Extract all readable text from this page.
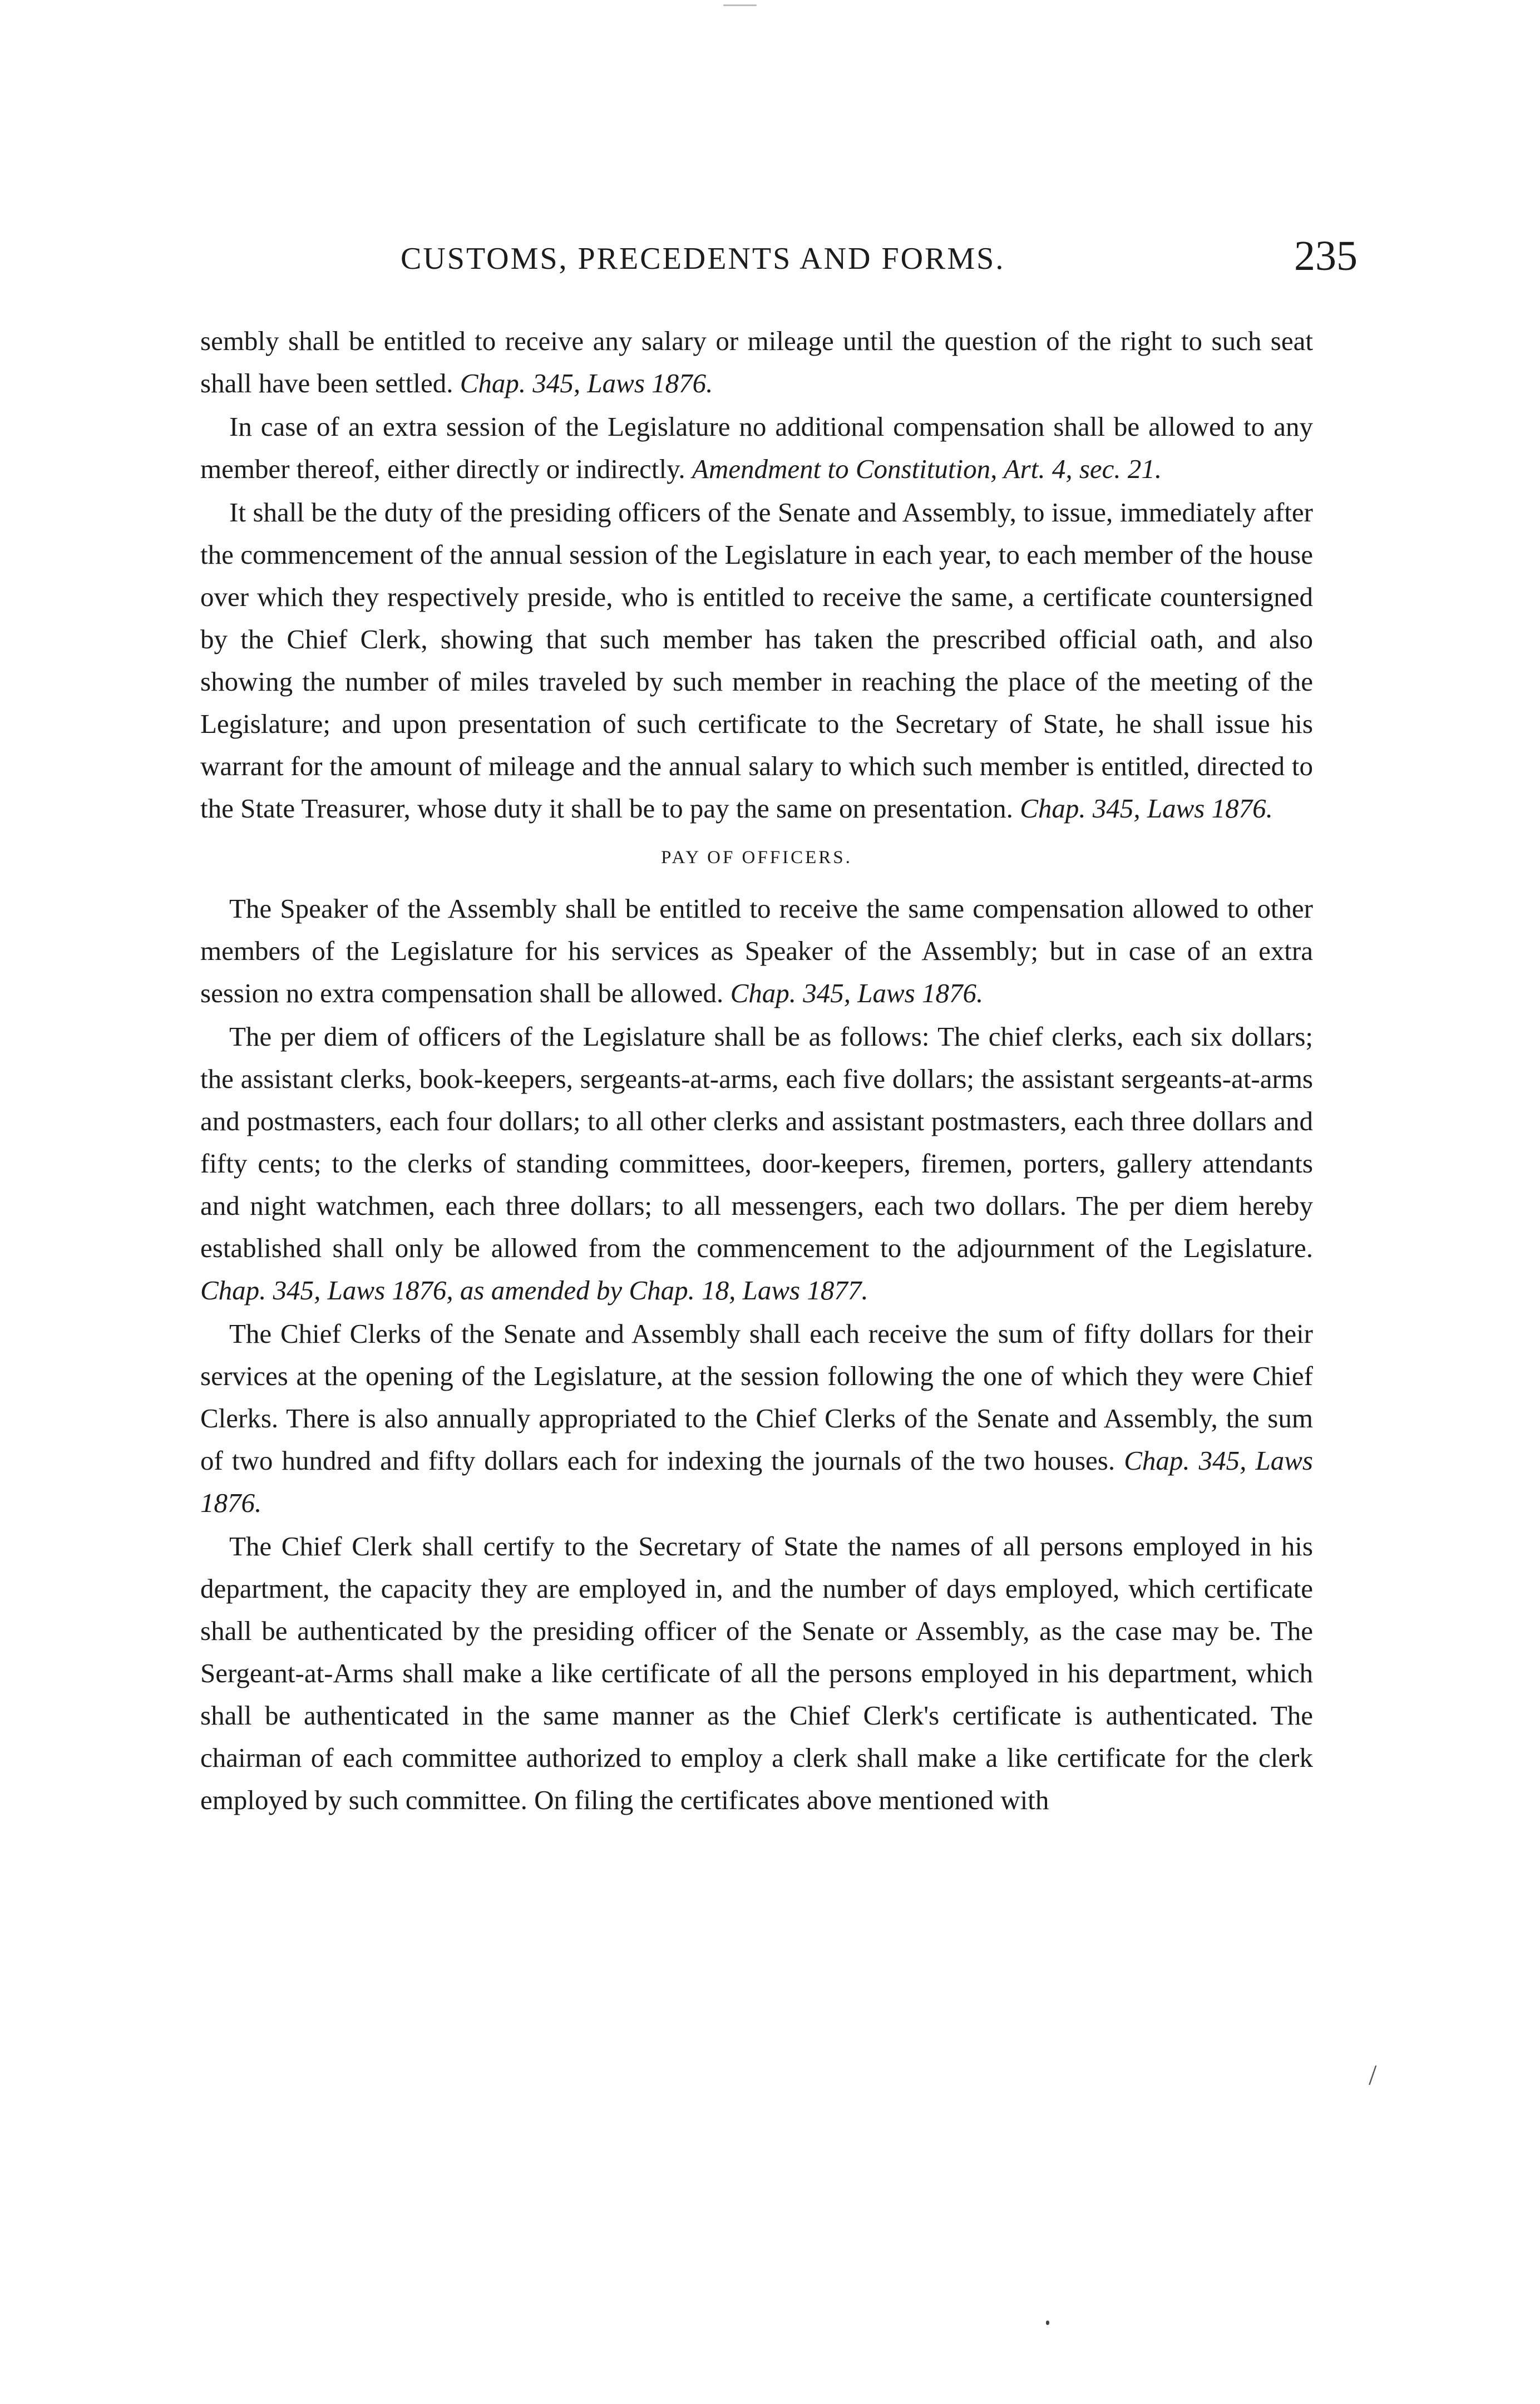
CUSTOMS, PRECEDENTS AND FORMS.	235

sembly shall be entitled to receive any salary or mileage until the question of the right to such seat shall have been settled. Chap. 345, Laws 1876.

In case of an extra session of the Legislature no additional compensation shall be allowed to any member thereof, either directly or indirectly. Amendment to Constitution, Art. 4, sec. 21.

It shall be the duty of the presiding officers of the Senate and Assembly, to issue, immediately after the commencement of the annual session of the Legislature in each year, to each member of the house over which they respectively preside, who is entitled to receive the same, a certificate countersigned by the Chief Clerk, showing that such member has taken the prescribed official oath, and also showing the number of miles traveled by such member in reaching the place of the meeting of the Legislature; and upon presentation of such certificate to the Secretary of State, he shall issue his warrant for the amount of mileage and the annual salary to which such member is entitled, directed to the State Treasurer, whose duty it shall be to pay the same on presentation. Chap. 345, Laws 1876.

PAY OF OFFICERS.

The Speaker of the Assembly shall be entitled to receive the same compensation allowed to other members of the Legislature for his services as Speaker of the Assembly; but in case of an extra session no extra compensation shall be allowed. Chap. 345, Laws 1876.

The per diem of officers of the Legislature shall be as follows: The chief clerks, each six dollars; the assistant clerks, book-keepers, sergeants-at-arms, each five dollars; the assistant sergeants-at-arms and postmasters, each four dollars; to all other clerks and assistant postmasters, each three dollars and fifty cents; to the clerks of standing committees, door-keepers, firemen, porters, gallery attendants and night watchmen, each three dollars; to all messengers, each two dollars. The per diem hereby established shall only be allowed from the commencement to the adjournment of the Legislature. Chap. 345, Laws 1876, as amended by Chap. 18, Laws 1877.

The Chief Clerks of the Senate and Assembly shall each receive the sum of fifty dollars for their services at the opening of the Legislature, at the session following the one of which they were Chief Clerks. There is also annually appropriated to the Chief Clerks of the Senate and Assembly, the sum of two hundred and fifty dollars each for indexing the journals of the two houses. Chap. 345, Laws 1876.

The Chief Clerk shall certify to the Secretary of State the names of all persons employed in his department, the capacity they are employed in, and the number of days employed, which certificate shall be authenticated by the presiding officer of the Senate or Assembly, as the case may be. The Sergeant-at-Arms shall make a like certificate of all the persons employed in his department, which shall be authenticated in the same manner as the Chief Clerk's certificate is authenticated. The chairman of each committee authorized to employ a clerk shall make a like certificate for the clerk employed by such committee. On filing the certificates above mentioned with

/
